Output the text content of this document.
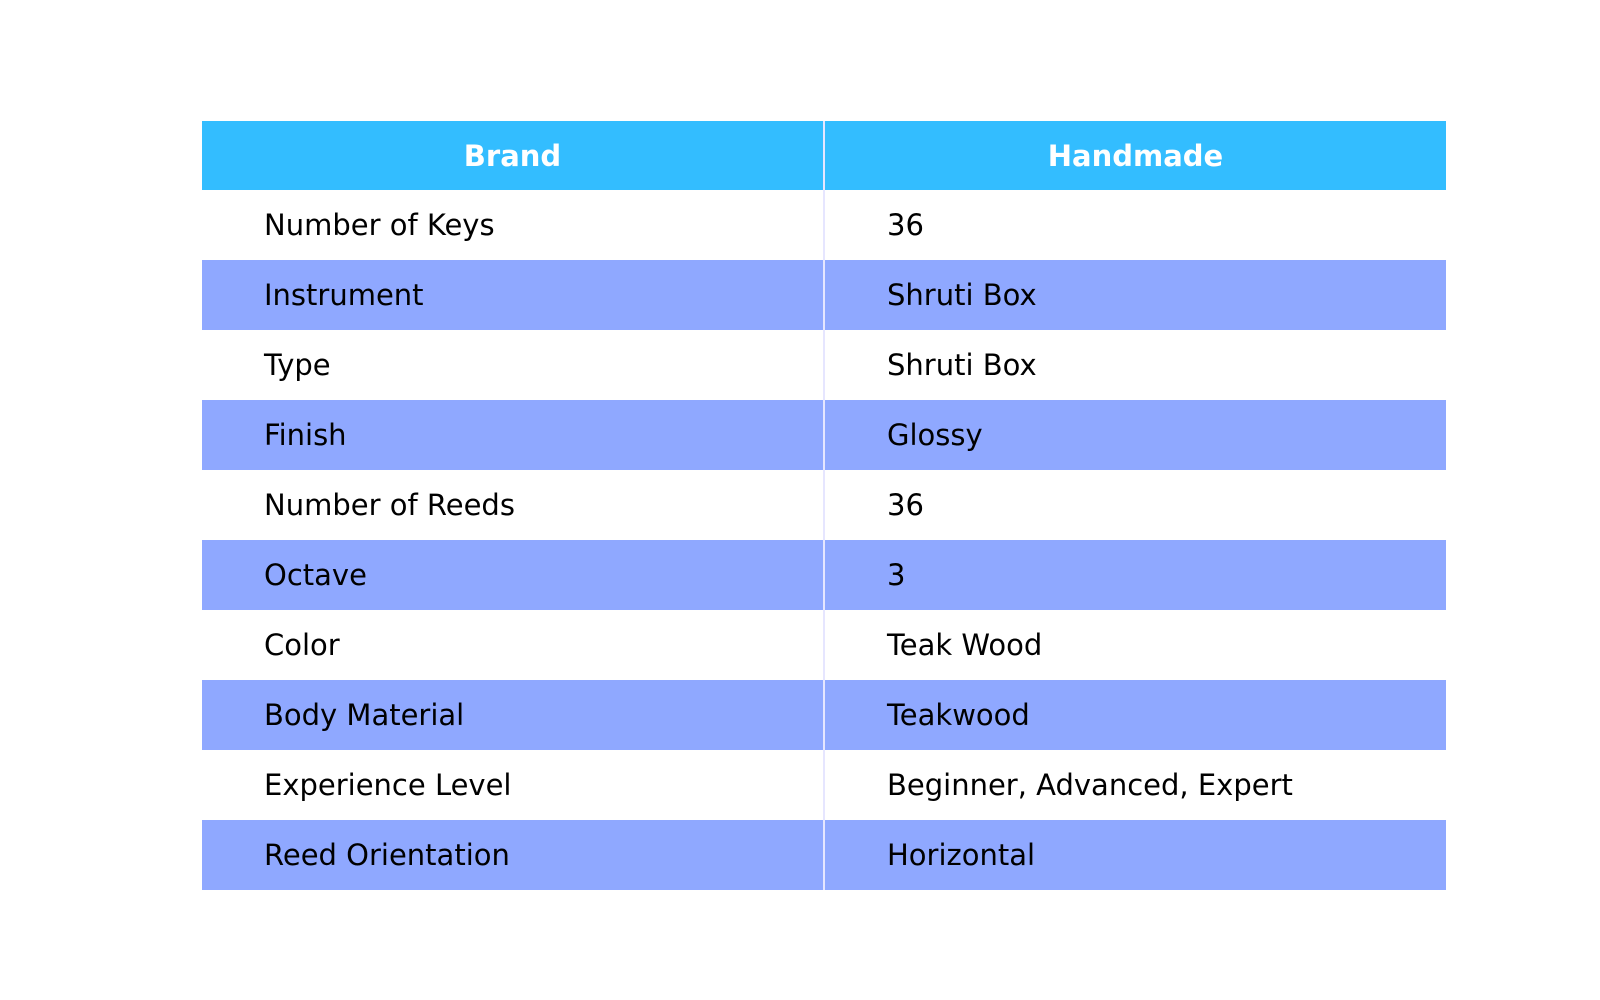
Brand	Handmade
Number of Keys	36
Instrument	Shruti Box
Type	Shruti Box
Finish	Glossy
Number of Reeds	36
Octave	3
Color	Teak Wood
Body Material	Teakwood
Experience Level	Beginner, Advanced, Expert
Reed Orientation	Horizontal
